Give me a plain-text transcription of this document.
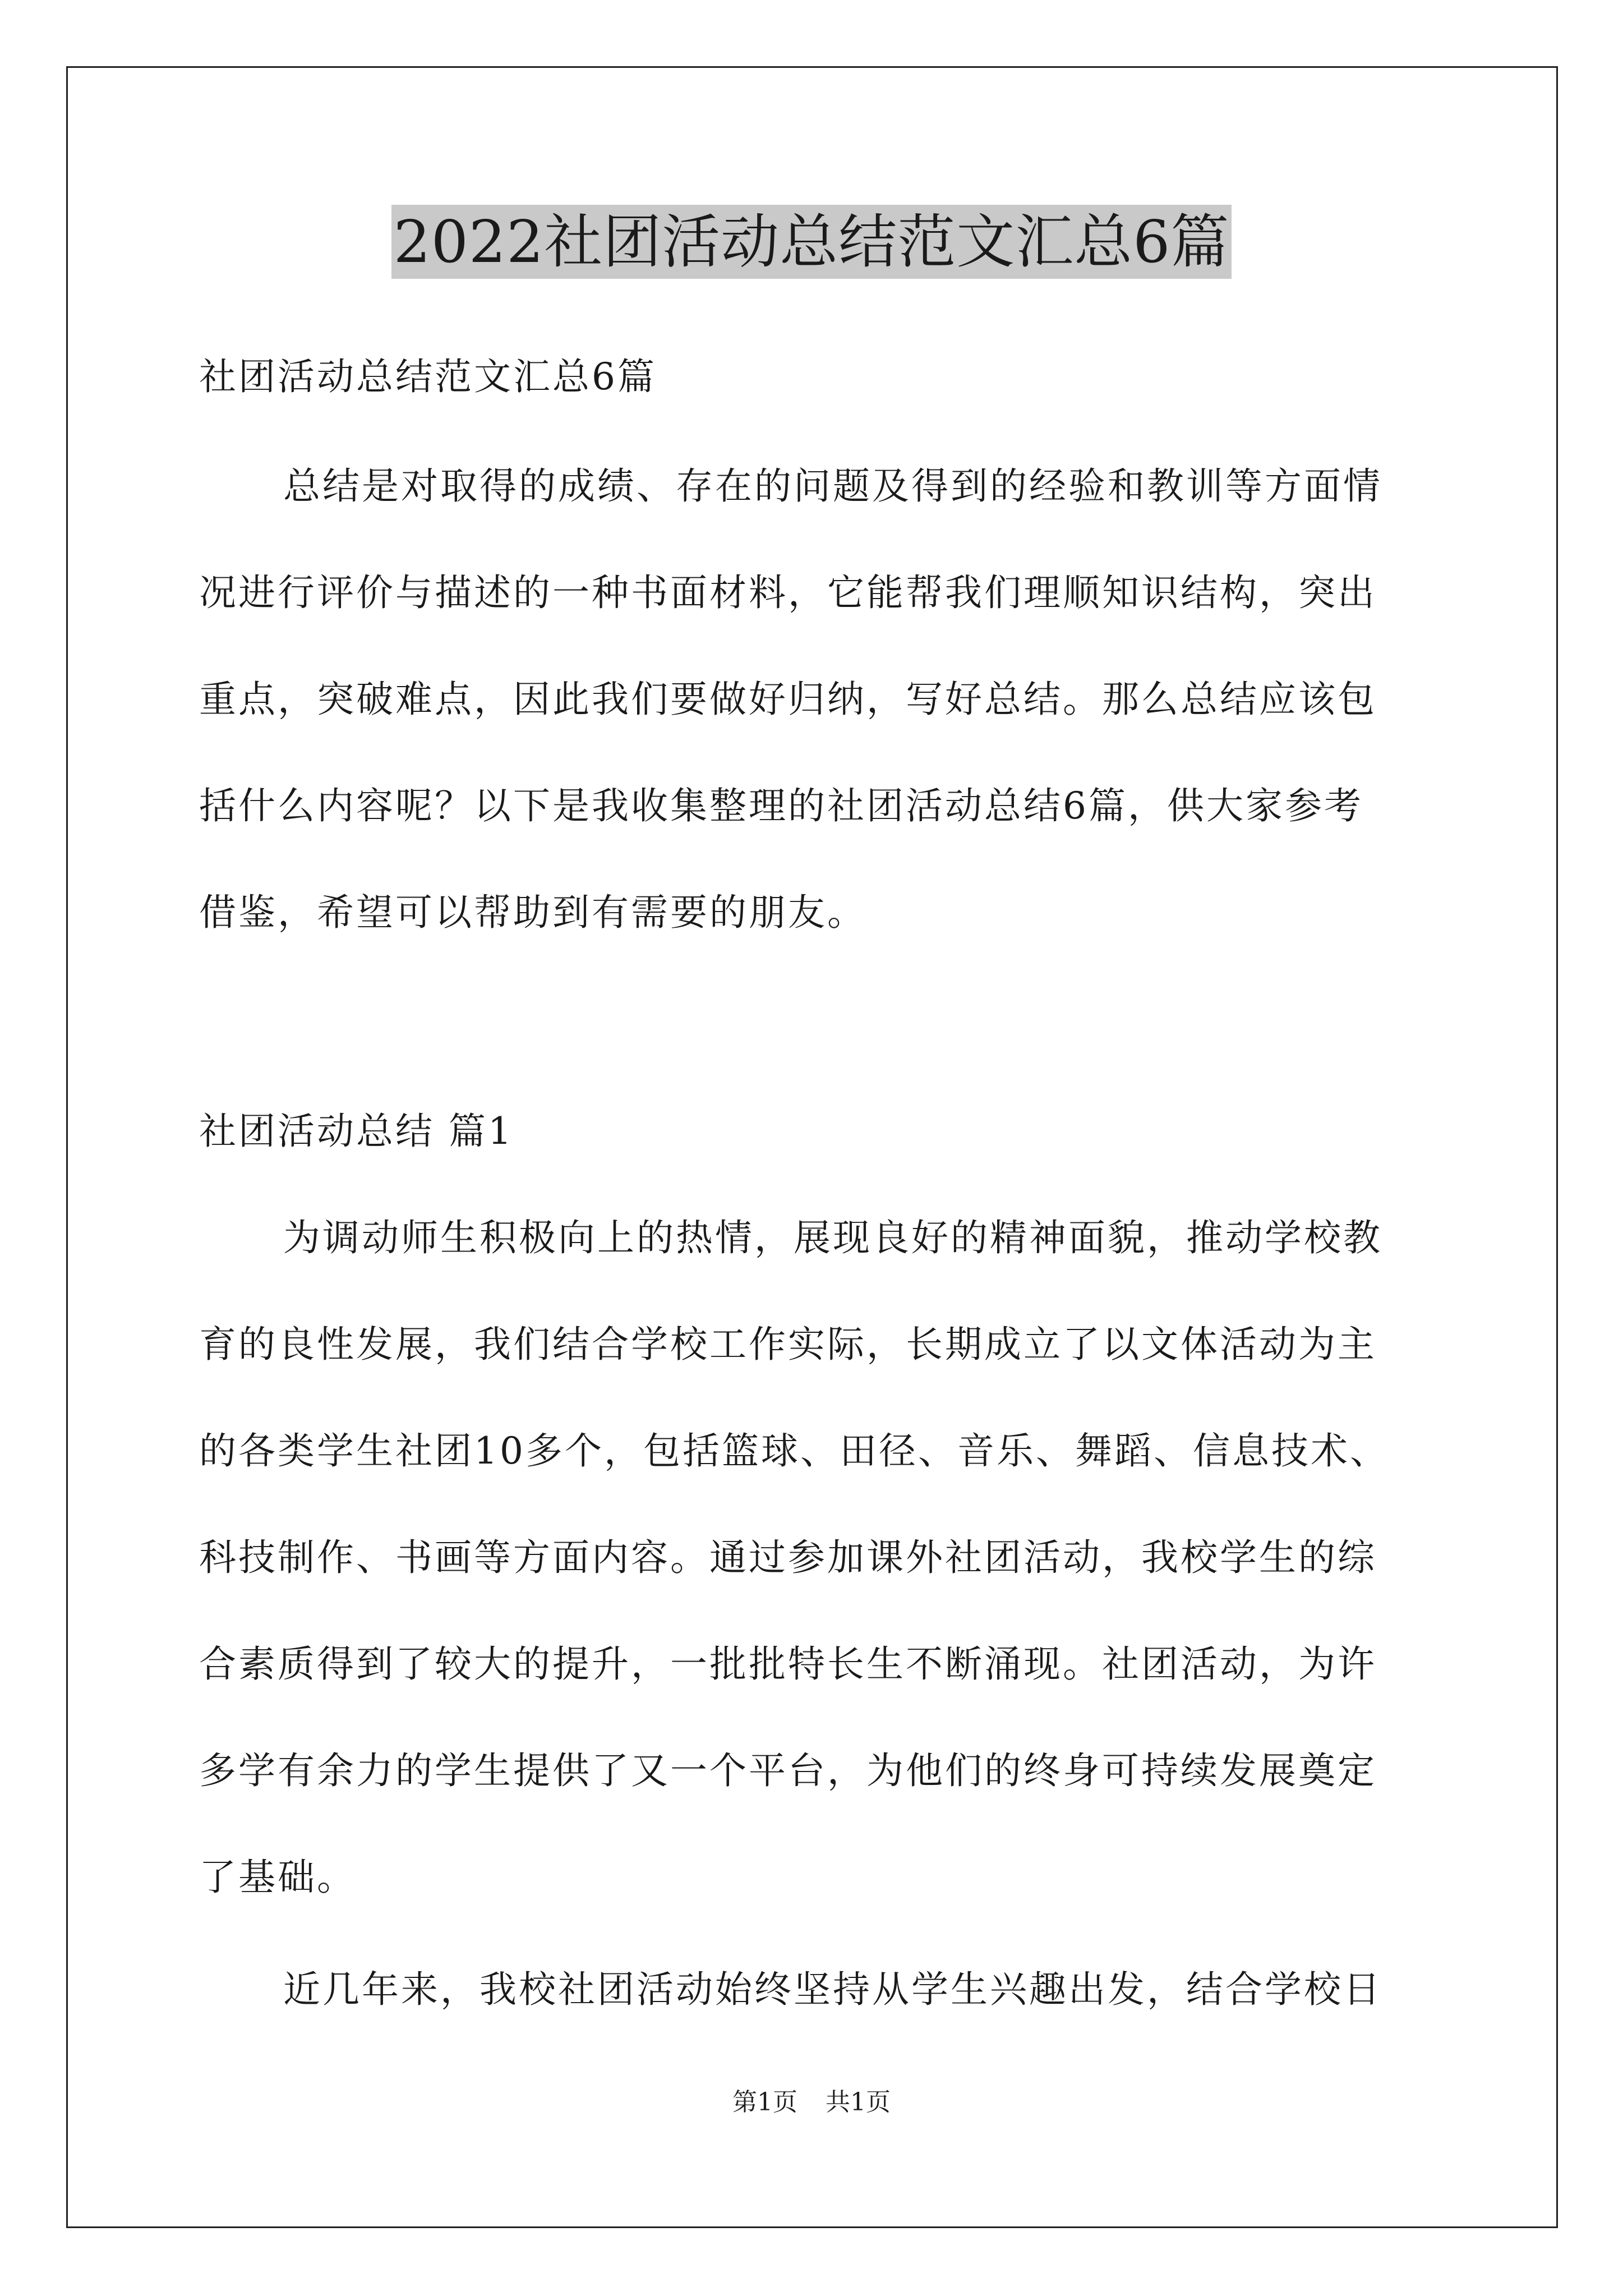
2022社团活动总结范文汇总6篇
社团活动总结范文汇总6篇
总结是对取得的成绩、存在的问题及得到的经验和教训等方面情
况进行评价与描述的一种书面材料，它能帮我们理顺知识结构，突出
重点，突破难点，因此我们要做好归纳，写好总结。那么总结应该包
括什么内容呢？以下是我收集整理的社团活动总结6篇，供大家参考
借鉴，希望可以帮助到有需要的朋友。
社团活动总结 篇1
为调动师生积极向上的热情，展现良好的精神面貌，推动学校教
育的良性发展，我们结合学校工作实际，长期成立了以文体活动为主
的各类学生社团10多个，包括篮球、田径、音乐、舞蹈、信息技术、
科技制作、书画等方面内容。通过参加课外社团活动，我校学生的综
合素质得到了较大的提升，一批批特长生不断涌现。社团活动，为许
多学有余力的学生提供了又一个平台，为他们的终身可持续发展奠定
了基础。
近几年来，我校社团活动始终坚持从学生兴趣出发，结合学校日
第1页 共1页
